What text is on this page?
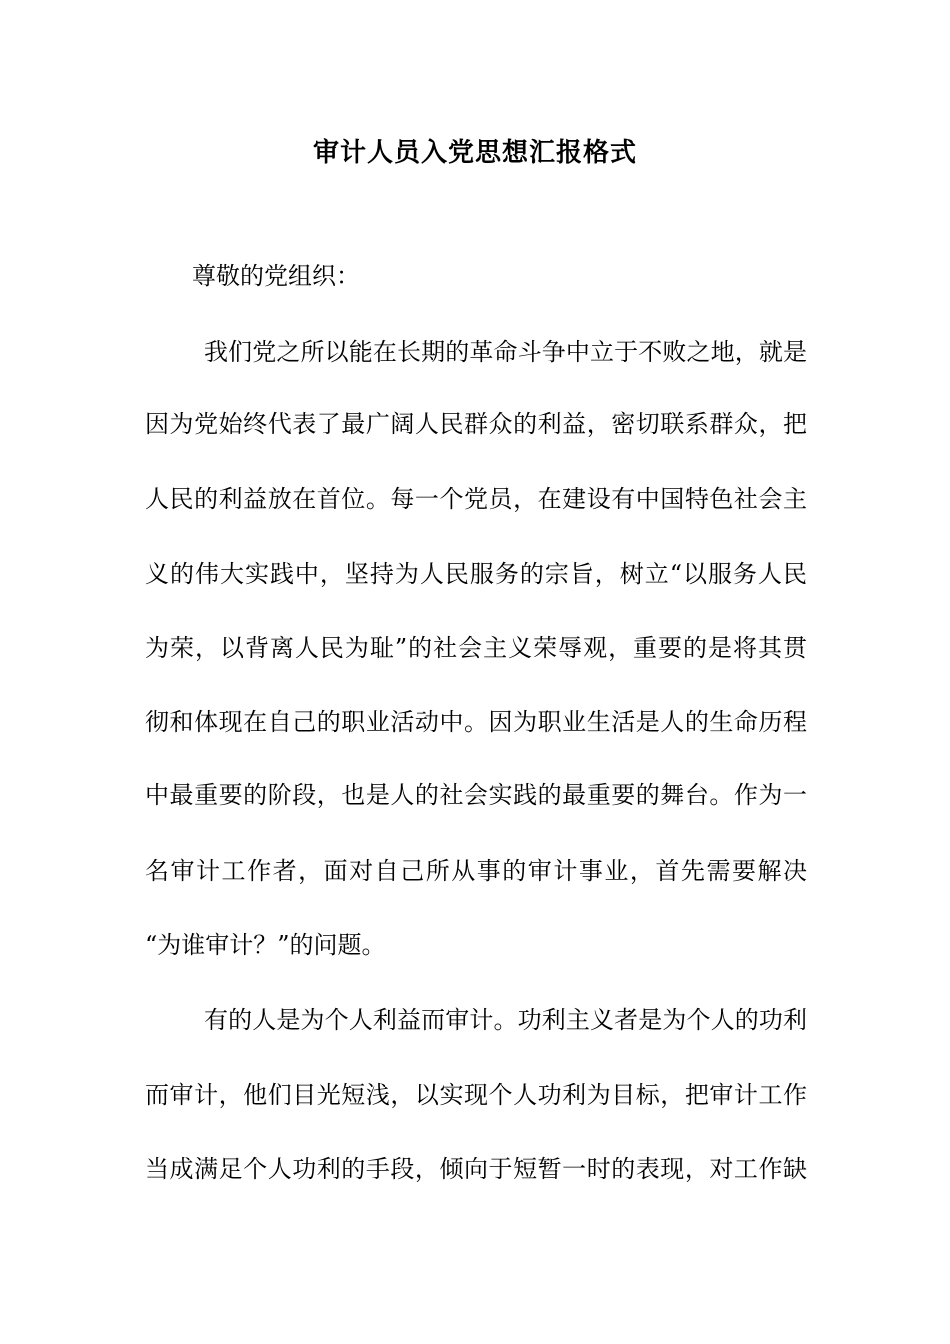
审计人员入党思想汇报格式
尊敬的党组织：
我们党之所以能在长期的革命斗争中立于不败之地，就是
因为党始终代表了最广阔人民群众的利益，密切联系群众，把
人民的利益放在首位。每一个党员，在建设有中国特色社会主
义的伟大实践中，坚持为人民服务的宗旨，树立“以服务人民
为荣，以背离人民为耻”的社会主义荣辱观，重要的是将其贯
彻和体现在自己的职业活动中。因为职业生活是人的生命历程
中最重要的阶段，也是人的社会实践的最重要的舞台。作为一
名审计工作者，面对自己所从事的审计事业，首先需要解决
“为谁审计？”的问题。
有的人是为个人利益而审计。功利主义者是为个人的功利
而审计，他们目光短浅，以实现个人功利为目标，把审计工作
当成满足个人功利的手段，倾向于短暂一时的表现，对工作缺
